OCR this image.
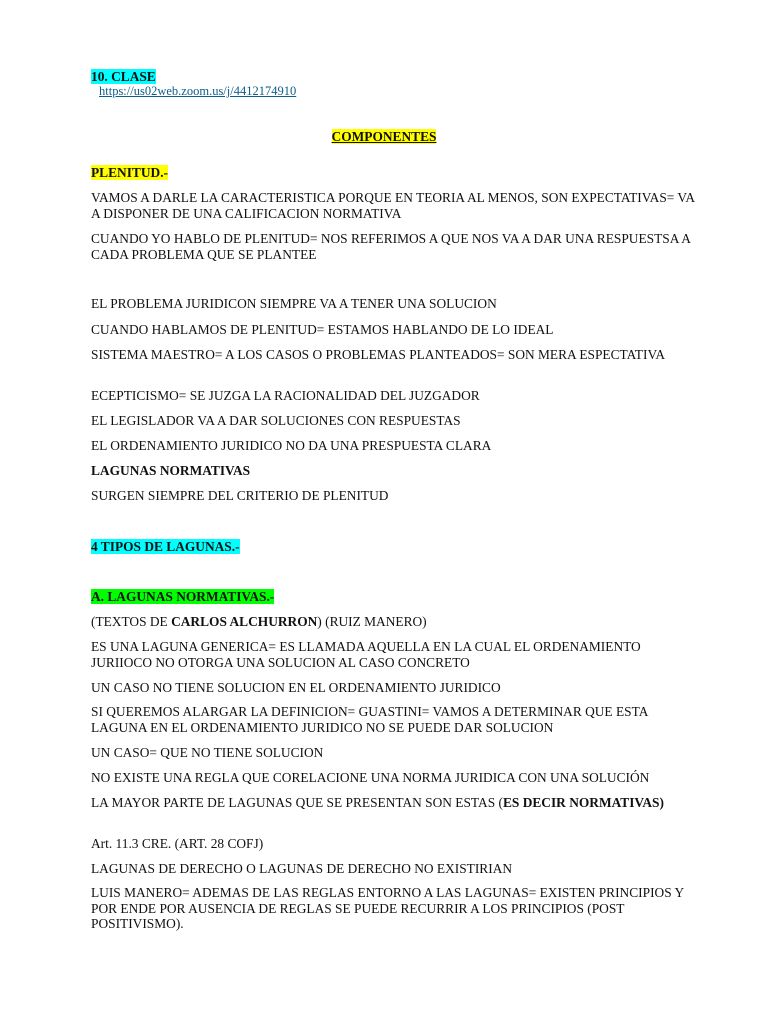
10. CLASE

https://us02web.zoom.us/j/4412174910

COMPONENTES

PLENITUD.-

VAMOS A DARLE LA CARACTERISTICA PORQUE EN TEORIA AL MENOS, SON EXPECTATIVAS= VA A DISPONER DE UNA CALIFICACION NORMATIVA

CUANDO YO HABLO DE PLENITUD= NOS REFERIMOS A QUE NOS VA A DAR UNA RESPUESTSA A CADA PROBLEMA QUE SE PLANTEE

EL PROBLEMA JURIDICON SIEMPRE VA A TENER UNA SOLUCION

CUANDO HABLAMOS DE PLENITUD= ESTAMOS HABLANDO DE LO IDEAL

SISTEMA MAESTRO= A LOS CASOS O PROBLEMAS PLANTEADOS= SON MERA ESPECTATIVA

ECEPTICISMO= SE JUZGA LA RACIONALIDAD DEL JUZGADOR

EL LEGISLADOR VA A DAR SOLUCIONES CON RESPUESTAS

EL ORDENAMIENTO JURIDICO NO DA UNA PRESPUESTA CLARA

LAGUNAS NORMATIVAS

SURGEN SIEMPRE DEL CRITERIO DE PLENITUD

4 TIPOS DE LAGUNAS.-

A. LAGUNAS NORMATIVAS.-

(TEXTOS DE CARLOS ALCHURRON) (RUIZ MANERO)

ES UNA LAGUNA GENERICA= ES LLAMADA AQUELLA EN LA CUAL EL ORDENAMIENTO JURIIOCO NO OTORGA UNA SOLUCION AL CASO CONCRETO

UN CASO NO TIENE SOLUCION EN EL ORDENAMIENTO JURIDICO

SI QUEREMOS ALARGAR LA DEFINICION= GUASTINI= VAMOS A DETERMINAR QUE ESTA LAGUNA EN EL ORDENAMIENTO JURIDICO NO SE PUEDE DAR SOLUCION

UN CASO= QUE NO TIENE SOLUCION

NO EXISTE UNA REGLA QUE CORELACIONE UNA NORMA JURIDICA CON UNA SOLUCIÓN

LA MAYOR PARTE DE LAGUNAS QUE SE PRESENTAN SON ESTAS (ES DECIR NORMATIVAS)

Art. 11.3 CRE. (ART. 28 COFJ)

LAGUNAS DE DERECHO O LAGUNAS DE DERECHO NO EXISTIRIAN

LUIS MANERO= ADEMAS DE LAS REGLAS ENTORNO A LAS LAGUNAS= EXISTEN PRINCIPIOS Y POR ENDE POR AUSENCIA DE REGLAS SE PUEDE RECURRIR A LOS PRINCIPIOS (POST POSITIVISMO).
